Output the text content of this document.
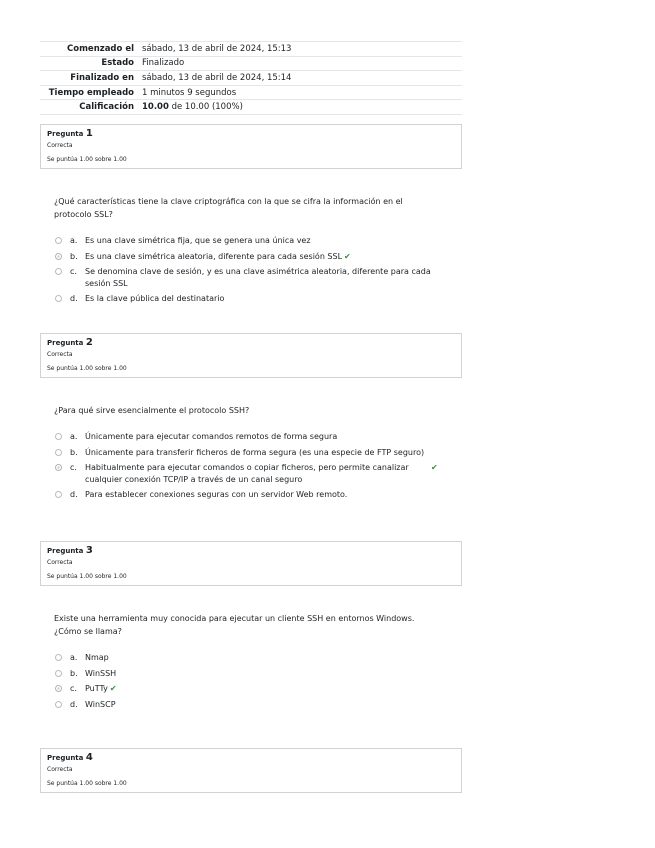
Comenzado el	sábado, 13 de abril de 2024, 15:13
Estado	Finalizado
Finalizado en	sábado, 13 de abril de 2024, 15:14
Tiempo empleado	1 minutos 9 segundos
Calificación	10.00 de 10.00 (100%)
Pregunta 1
Correcta
Se puntúa 1.00 sobre 1.00
¿Qué características tiene la clave criptográfica con la que se cifra la información en el protocolo SSL?
a. Es una clave simétrica fija, que se genera una única vez
b. Es una clave simétrica aleatoria, diferente para cada sesión SSL ✔
c.	Se denomina clave de sesión, y es una clave asimétrica aleatoria, diferente para cada sesión SSL
d. Es la clave pública del destinatario
Pregunta 2
Correcta
Se puntúa 1.00 sobre 1.00
¿Para qué sirve esencialmente el protocolo SSH?
a. Únicamente para ejecutar comandos remotos de forma segura
b. Únicamente para transferir ficheros de forma segura (es una especie de FTP seguro)
c.	Habitualmente para ejecutar comandos o copiar ficheros, pero permite canalizar cualquier conexión TCP/IP a través de un canal seguro
✔
d. Para establecer conexiones seguras con un servidor Web remoto.
Pregunta 3
Correcta
Se puntúa 1.00 sobre 1.00
Existe una herramienta muy conocida para ejecutar un cliente SSH en entornos Windows. ¿Cómo se llama?
a. Nmap
b. WinSSH
c.	PuTTy ✔
d. WinSCP
Pregunta 4
Correcta
Se puntúa 1.00 sobre 1.00
